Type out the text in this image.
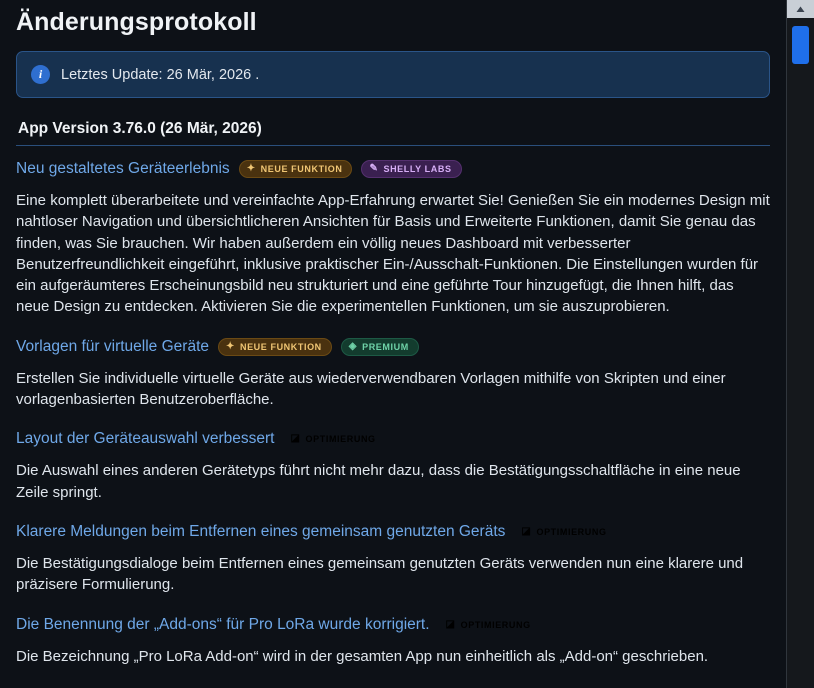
Änderungsprotokoll
i	Letztes Update: 26 Mär, 2026 .
App Version 3.76.0 (26 Mär, 2026)
Neu gestaltetes Geräteerlebnis ✦ NEUE FUNKTION	✎ SHELLY LABS

Eine komplett überarbeitete und vereinfachte App-Erfahrung erwartet Sie! Genießen Sie ein modernes Design mit nahtloser Navigation und übersichtlicheren Ansichten für Basis und Erweiterte Funktionen, damit Sie genau das finden, was Sie brauchen. Wir haben außerdem ein völlig neues Dashboard mit verbesserter Benutzerfreundlichkeit eingeführt, inklusive praktischer Ein-/Ausschalt-Funktionen. Die Einstellungen wurden für ein aufgeräumteres Erscheinungsbild neu strukturiert und eine geführte Tour hinzugefügt, die Ihnen hilft, das neue Design zu entdecken. Aktivieren Sie die experimentellen Funktionen, um sie auszuprobieren.

Vorlagen für virtuelle Geräte ✦ NEUE FUNKTION	◈ PREMIUM

Erstellen Sie individuelle virtuelle Geräte aus wiederverwendbaren Vorlagen mithilfe von Skripten und einer vorlagenbasierten Benutzeroberfläche.

Layout der Geräteauswahl verbessert ◪ OPTIMIERUNG

Die Auswahl eines anderen Gerätetyps führt nicht mehr dazu, dass die Bestätigungsschaltfläche in eine neue Zeile springt.

Klarere Meldungen beim Entfernen eines gemeinsam genutzten Geräts ◪ OPTIMIERUNG

Die Bestätigungsdialoge beim Entfernen eines gemeinsam genutzten Geräts verwenden nun eine klarere und präzisere Formulierung.

Die Benennung der „Add-ons“ für Pro LoRa wurde korrigiert. ◪ OPTIMIERUNG

Die Bezeichnung „Pro LoRa Add-on“ wird in der gesamten App nun einheitlich als „Add-on“ geschrieben.
